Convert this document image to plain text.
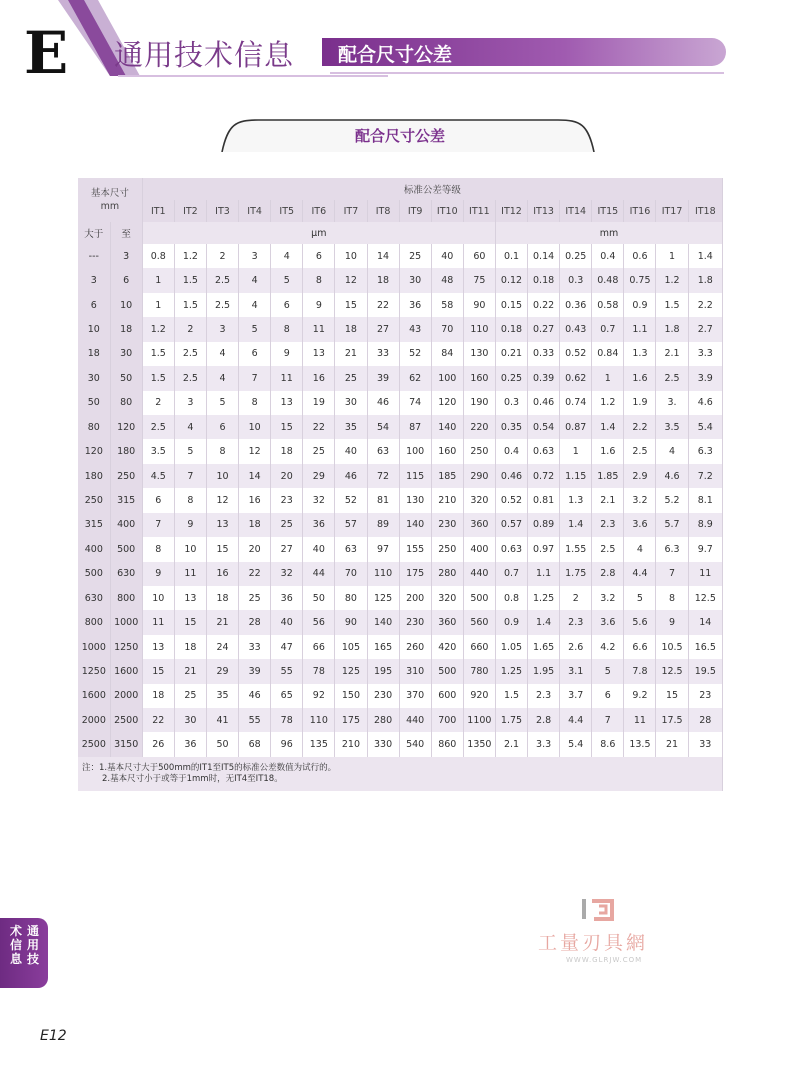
E 通用技术信息 配合尺寸公差
配合尺寸公差
基本尺寸
mm		标准公差等级																	
		IT1	IT2	IT3	IT4	IT5	IT6	IT7	IT8	IT9	IT10	IT11	IT12	IT13	IT14	IT15	IT16	IT17	IT18
大于	至	μm											mm						
---	3	0.8	1.2	2	3	4	6	10	14	25	40	60	0.1	0.14	0.25	0.4	0.6	1	1.4
3	6	1	1.5	2.5	4	5	8	12	18	30	48	75	0.12	0.18	0.3	0.48	0.75	1.2	1.8
6	10	1	1.5	2.5	4	6	9	15	22	36	58	90	0.15	0.22	0.36	0.58	0.9	1.5	2.2
10	18	1.2	2	3	5	8	11	18	27	43	70	110	0.18	0.27	0.43	0.7	1.1	1.8	2.7
18	30	1.5	2.5	4	6	9	13	21	33	52	84	130	0.21	0.33	0.52	0.84	1.3	2.1	3.3
30	50	1.5	2.5	4	7	11	16	25	39	62	100	160	0.25	0.39	0.62	1	1.6	2.5	3.9
50	80	2	3	5	8	13	19	30	46	74	120	190	0.3	0.46	0.74	1.2	1.9	3.	4.6
80	120	2.5	4	6	10	15	22	35	54	87	140	220	0.35	0.54	0.87	1.4	2.2	3.5	5.4
120	180	3.5	5	8	12	18	25	40	63	100	160	250	0.4	0.63	1	1.6	2.5	4	6.3
180	250	4.5	7	10	14	20	29	46	72	115	185	290	0.46	0.72	1.15	1.85	2.9	4.6	7.2
250	315	6	8	12	16	23	32	52	81	130	210	320	0.52	0.81	1.3	2.1	3.2	5.2	8.1
315	400	7	9	13	18	25	36	57	89	140	230	360	0.57	0.89	1.4	2.3	3.6	5.7	8.9
400	500	8	10	15	20	27	40	63	97	155	250	400	0.63	0.97	1.55	2.5	4	6.3	9.7
500	630	9	11	16	22	32	44	70	110	175	280	440	0.7	1.1	1.75	2.8	4.4	7	11
630	800	10	13	18	25	36	50	80	125	200	320	500	0.8	1.25	2	3.2	5	8	12.5
800	1000	11	15	21	28	40	56	90	140	230	360	560	0.9	1.4	2.3	3.6	5.6	9	14
1000	1250	13	18	24	33	47	66	105	165	260	420	660	1.05	1.65	2.6	4.2	6.6	10.5	16.5
1250	1600	15	21	29	39	55	78	125	195	310	500	780	1.25	1.95	3.1	5	7.8	12.5	19.5
1600	2000	18	25	35	46	65	92	150	230	370	600	920	1.5	2.3	3.7	6	9.2	15	23
2000	2500	22	30	41	55	78	110	175	280	440	700	1100	1.75	2.8	4.4	7	11	17.5	28
2500	3150	26	36	50	68	96	135	210	330	540	860	1350	2.1	3.3	5.4	8.6	13.5	21	33

注：1.基本尺寸大于500mm的IT1至IT5的标准公差数值为试行的。
2.基本尺寸小于或等于1mm时，无IT4至IT18。																			
术信息
通用技
工量刃具網
WWW.GLRJW.COM
E12
